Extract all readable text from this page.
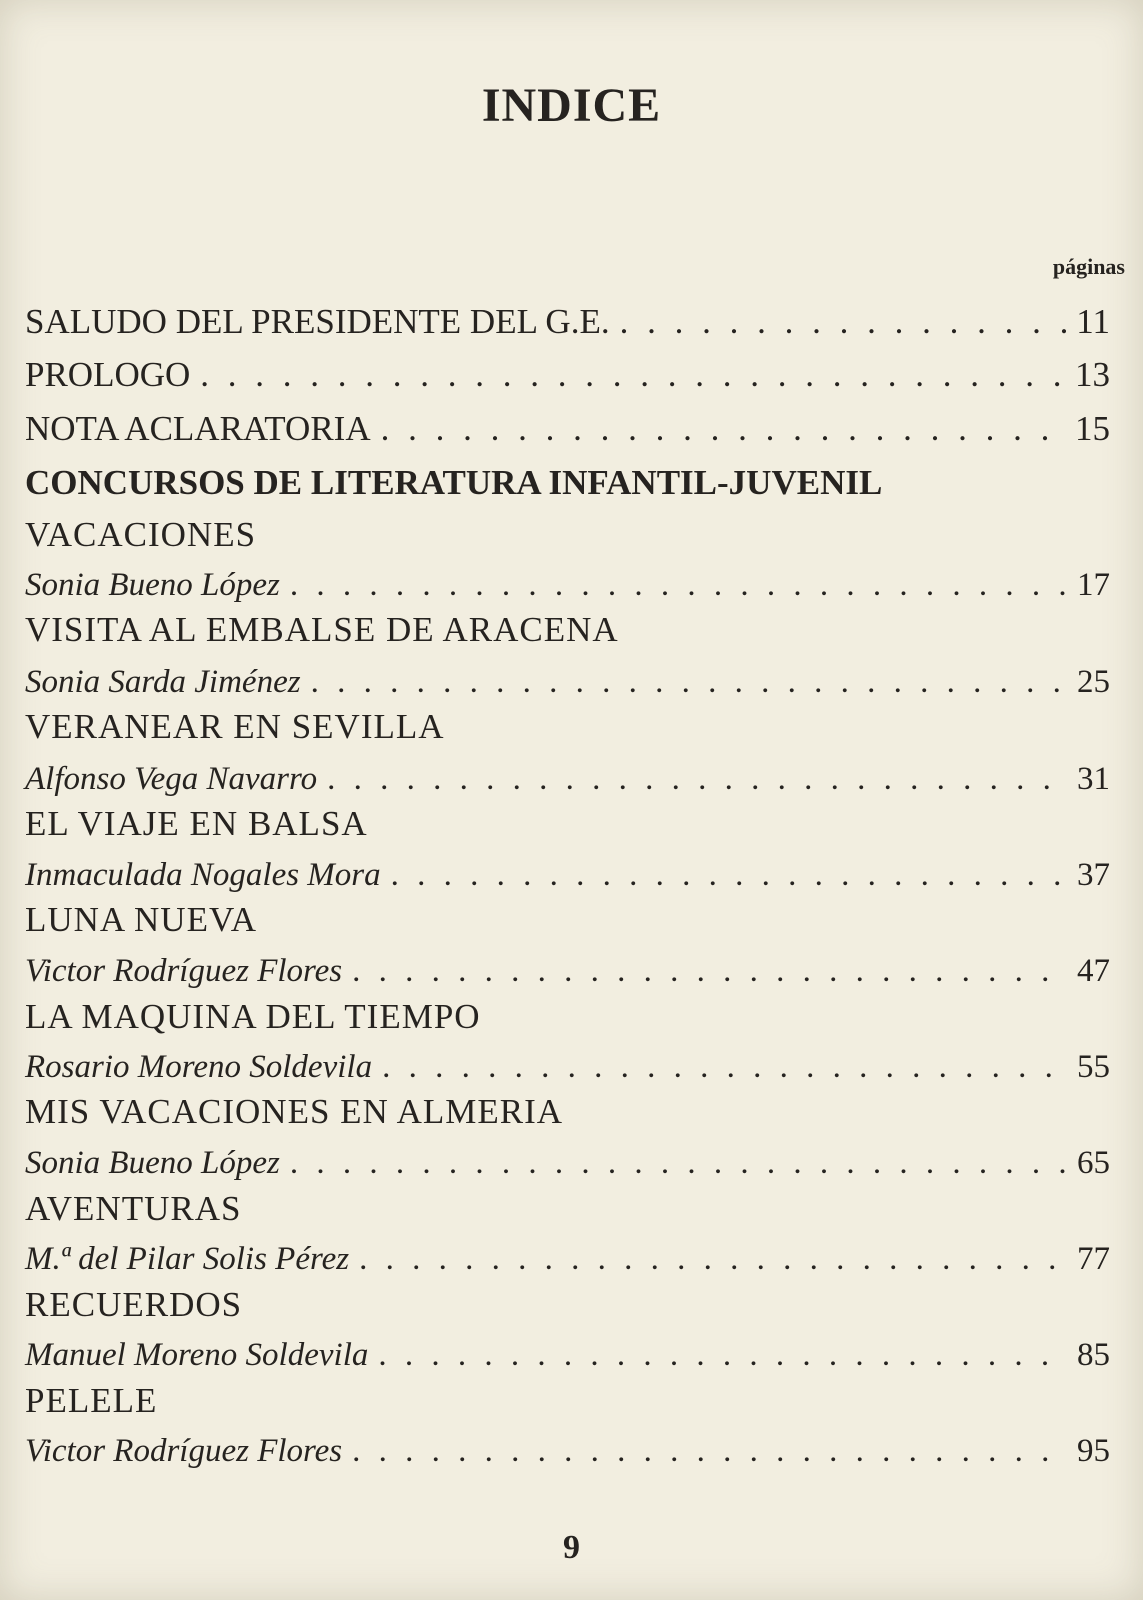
INDICE
páginas
SALUDO DEL PRESIDENTE DEL G.E. . . .	11
PROLOGO . . .	13
NOTA ACLARATORIA . . .	15
CONCURSOS DE LITERATURA INFANTIL-JUVENIL
VACACIONES
Sonia Bueno López . . .	17
VISITA AL EMBALSE DE ARACENA
Sonia Sarda Jiménez . . .	25
VERANEAR EN SEVILLA
Alfonso Vega Navarro . . .	31
EL VIAJE EN BALSA
Inmaculada Nogales Mora . . .	37
LUNA NUEVA
Victor Rodríguez Flores . . .	47
LA MAQUINA DEL TIEMPO
Rosario Moreno Soldevila . . .	55
MIS VACACIONES EN ALMERIA
Sonia Bueno López . . .	65
AVENTURAS
M.ª del Pilar Solis Pérez . . .	77
RECUERDOS
Manuel Moreno Soldevila . . .	85
PELELE
Victor Rodríguez Flores . . .	95
9
